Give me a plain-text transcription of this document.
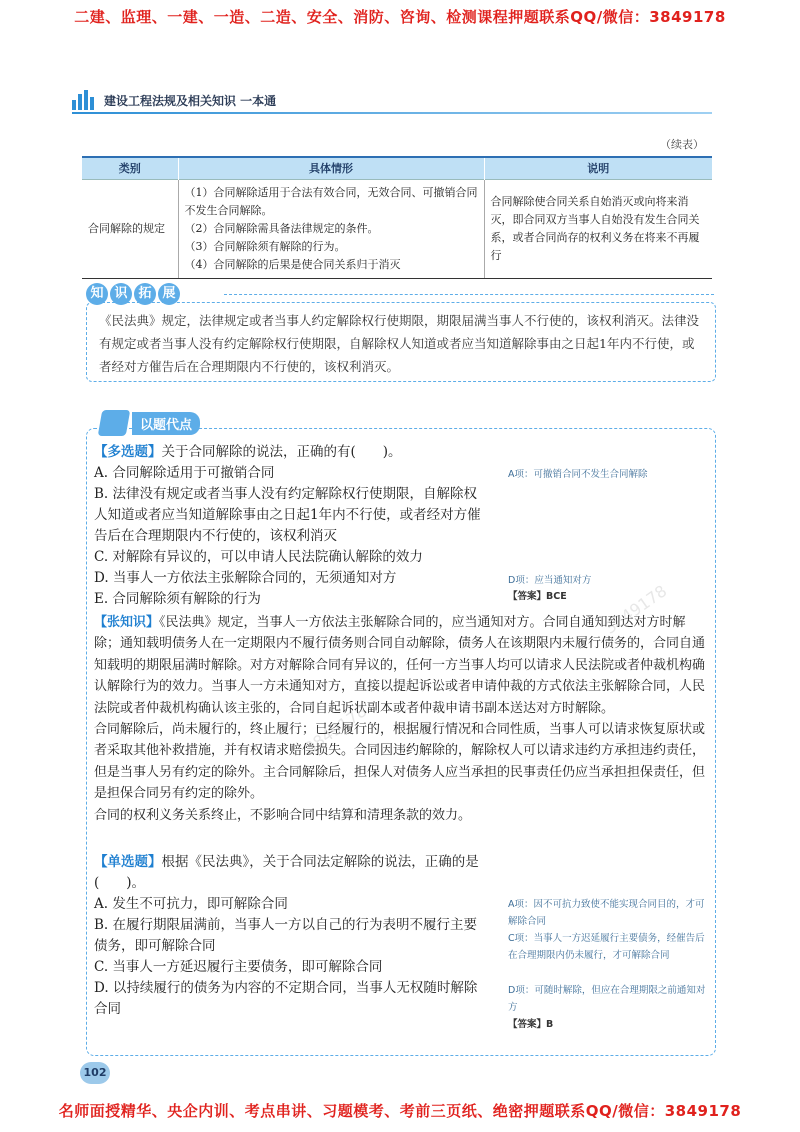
二建、监理、一建、一造、二造、安全、消防、咨询、检测课程押题联系QQ/微信：3849178
建设工程法规及相关知识 一本通
（续表）
类别	具体情形	说明
合同解除的规定	（1）合同解除适用于合法有效合同，无效合同、可撤销合同不发生合同解除。
（2）合同解除需具备法律规定的条件。
（3）合同解除须有解除的行为。
（4）合同解除的后果是使合同关系归于消灭	合同解除使合同关系自始消灭或向将来消灭，即合同双方当事人自始没有发生合同关系，或者合同尚存的权利义务在将来不再履行
知 识 拓 展
《民法典》规定，法律规定或者当事人约定解除权行使期限，期限届满当事人不行使的，该权利消灭。法律没有规定或者当事人没有约定解除权行使期限，自解除权人知道或者应当知道解除事由之日起1年内不行使，或者经对方催告后在合理期限内不行使的，该权利消灭。
以题代点

【多选题】关于合同解除的说法，正确的有(　　)。

A. 合同解除适用于可撤销合同

B. 法律没有规定或者当事人没有约定解除权行使期限，自解除权人知道或者应当知道解除事由之日起1年内不行使，或者经对方催告后在合理期限内不行使的，该权利消灭

C. 对解除有异议的，可以申请人民法院确认解除的效力

D. 当事人一方依法主张解除合同的，无须通知对方

E. 合同解除须有解除的行为

A项：可撤销合同不发生合同解除
D项：应当通知对方
【答案】BCE

【张知识】《民法典》规定，当事人一方依法主张解除合同的，应当通知对方。合同自通知到达对方时解除；通知载明债务人在一定期限内不履行债务则合同自动解除，债务人在该期限内未履行债务的，合同自通知载明的期限届满时解除。对方对解除合同有异议的，任何一方当事人均可以请求人民法院或者仲裁机构确认解除行为的效力。当事人一方未通知对方，直接以提起诉讼或者申请仲裁的方式依法主张解除合同，人民法院或者仲裁机构确认该主张的，合同自起诉状副本或者仲裁申请书副本送达对方时解除。

合同解除后，尚未履行的，终止履行；已经履行的，根据履行情况和合同性质，当事人可以请求恢复原状或者采取其他补救措施，并有权请求赔偿损失。合同因违约解除的，解除权人可以请求违约方承担违约责任，但是当事人另有约定的除外。主合同解除后，担保人对债务人应当承担的民事责任仍应当承担担保责任，但是担保合同另有约定的除外。

合同的权利义务关系终止，不影响合同中结算和清理条款的效力。

【单选题】根据《民法典》，关于合同法定解除的说法，正确的是(　　)。

A. 发生不可抗力，即可解除合同

B. 在履行期限届满前，当事人一方以自己的行为表明不履行主要债务，即可解除合同

C. 当事人一方延迟履行主要债务，即可解除合同

D. 以持续履行的债务为内容的不定期合同，当事人无权随时解除合同

A项：因不可抗力致使不能实现合同目的，才可解除合同
C项：当事人一方迟延履行主要债务，经催告后在合理期限内仍未履行，才可解除合同
D项：可随时解除，但应在合理期限之前通知对方
【答案】B
3849178
3849178
102
名师面授精华、央企内训、考点串讲、习题模考、考前三页纸、绝密押题联系QQ/微信：3849178
